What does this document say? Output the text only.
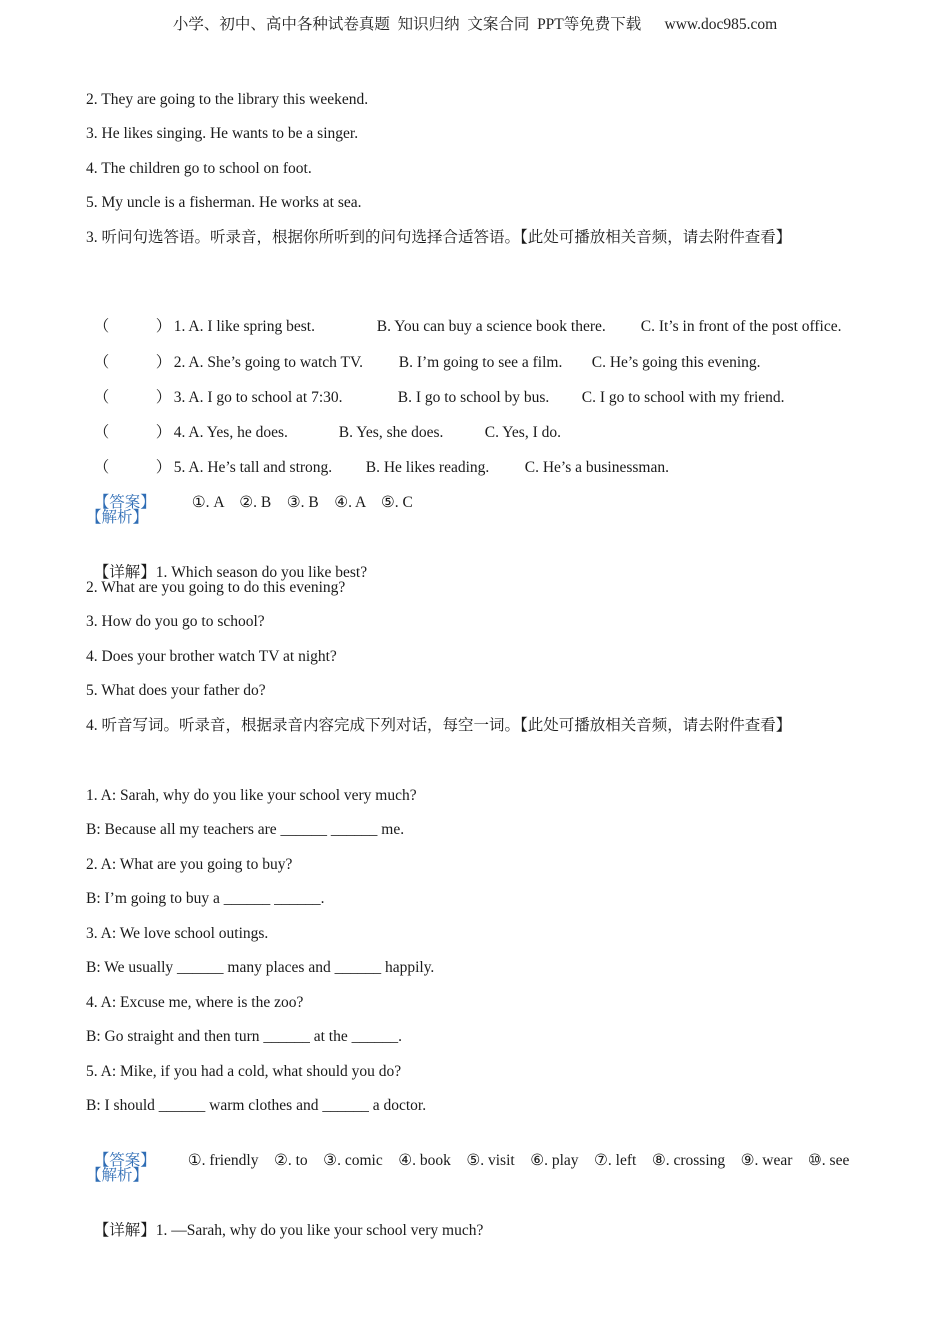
小学、初中、高中各种试卷真题  知识归纳  文案合同  PPT等免费下载      www.doc985.com
2. They are going to the library this weekend.
3. He likes singing. He wants to be a singer.
4. The children go to school on foot.
5. My uncle is a fisherman. He works at sea.
3. 听问句选答语。听录音，根据你所听到的问句选择合适答语。【此处可播放相关音频，请去附件查看】

（            ） 1. A. I like spring best.	B. You can buy a science book there. C. It’s in front of the post office.

（            ） 2. A. She’s going to watch TV. B. I’m going to see a film. C. He’s going this evening.

（            ） 3. A. I go to school at 7:30.	B. I go to school by bus. C. I go to school with my friend.

（            ） 4. A. Yes, he does.	B. Yes, she does.	C. Yes, I do.

（            ） 5. A. He’s tall and strong. B. He likes reading. C. He’s a businessman.

【答案】 ①. A    ②. B    ③. B    ④. A    ⑤. C

【解析】

【详解】1. Which season do you like best?

2. What are you going to do this evening?
3. How do you go to school?
4. Does your brother watch TV at night?
5. What does your father do?
4. 听音写词。听录音，根据录音内容完成下列对话，每空一词。【此处可播放相关音频，请去附件查看】
1. A: Sarah, why do you like your school very much?
B: Because all my teachers are ______ ______ me.
2. A: What are you going to buy?
B: I’m going to buy a ______ ______.
3. A: We love school outings.
B: We usually ______ many places and ______ happily.
4. A: Excuse me, where is the zoo?
B: Go straight and then turn ______ at the ______.
5. A: Mike, if you had a cold, what should you do?
B: I should ______ warm clothes and ______ a doctor.

【答案】 ①. friendly    ②. to    ③. comic    ④. book    ⑤. visit    ⑥. play    ⑦. left    ⑧. crossing    ⑨. wear    ⑩. see

【解析】

【详解】1. —Sarah, why do you like your school very much?
